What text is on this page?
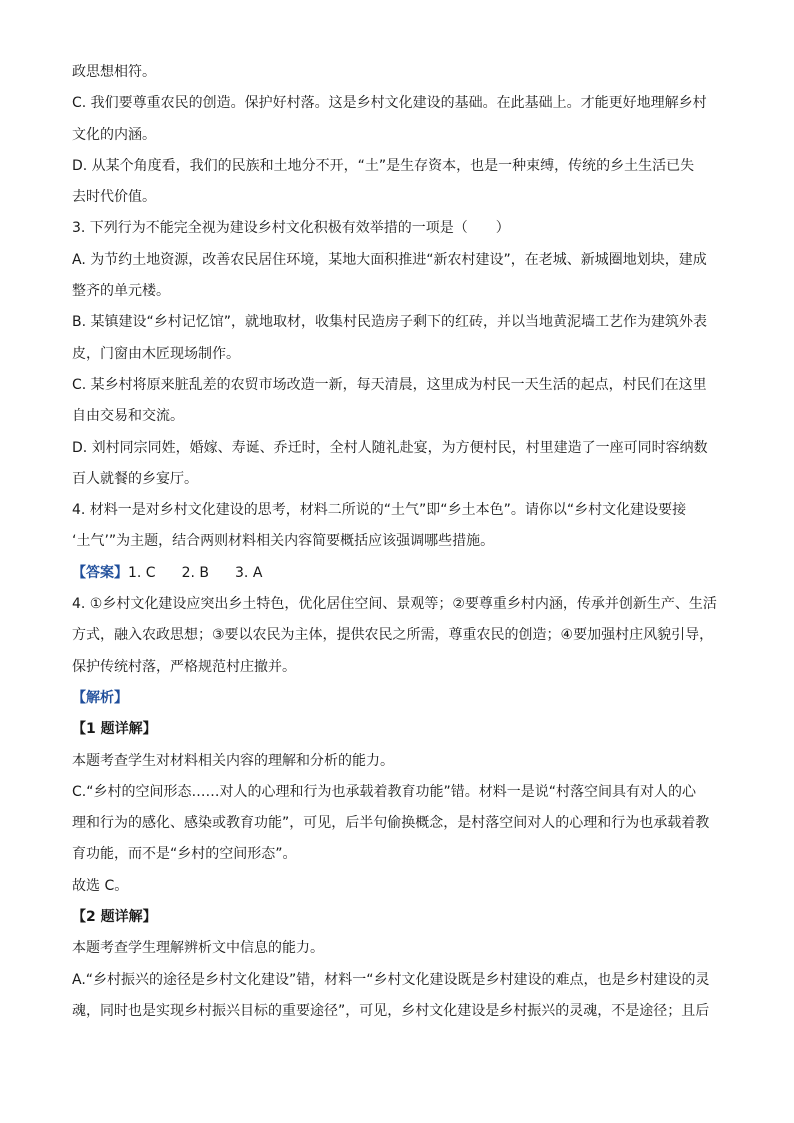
政思想相符。
C. 我们要尊重农民的创造。保护好村落。这是乡村文化建设的基础。在此基础上。才能更好地理解乡村
文化的内涵。
D. 从某个角度看，我们的民族和土地分不开，“土”是生存资本，也是一种束缚，传统的乡土生活已失
去时代价值。
3. 下列行为不能完全视为建设乡村文化积极有效举措的一项是（　　）
A. 为节约土地资源，改善农民居住环境，某地大面积推进“新农村建设”，在老城、新城圈地划块，建成
整齐的单元楼。
B. 某镇建设“乡村记忆馆”，就地取材，收集村民造房子剩下的红砖，并以当地黄泥墙工艺作为建筑外表
皮，门窗由木匠现场制作。
C. 某乡村将原来脏乱差的农贸市场改造一新，每天清晨，这里成为村民一天生活的起点，村民们在这里
自由交易和交流。
D. 刘村同宗同姓，婚嫁、寿诞、乔迁时，全村人随礼赴宴，为方便村民，村里建造了一座可同时容纳数
百人就餐的乡宴厅。
4. 材料一是对乡村文化建设的思考，材料二所说的“土气”即“乡土本色”。请你以“乡村文化建设要接
‘土气’”为主题，结合两则材料相关内容简要概括应该强调哪些措施。
【答案】 1. C 2. B 3. A
4. ①乡村文化建设应突出乡土特色，优化居住空间、景观等；②要尊重乡村内涵，传承并创新生产、生活
方式，融入农政思想；③要以农民为主体，提供农民之所需，尊重农民的创造；④要加强村庄风貌引导，
保护传统村落，严格规范村庄撤并。
【解析】
【1 题详解】
本题考查学生对材料相关内容的理解和分析的能力。
C.“乡村的空间形态……对人的心理和行为也承载着教育功能”错。材料一是说“村落空间具有对人的心
理和行为的感化、感染或教育功能”，可见，后半句偷换概念，是村落空间对人的心理和行为也承载着教
育功能，而不是“乡村的空间形态”。
故选 C。
【2 题详解】
本题考查学生理解辨析文中信息的能力。
A.“乡村振兴的途径是乡村文化建设”错，材料一“乡村文化建设既是乡村建设的难点，也是乡村建设的灵
魂，同时也是实现乡村振兴目标的重要途径”，可见，乡村文化建设是乡村振兴的灵魂，不是途径；且后
